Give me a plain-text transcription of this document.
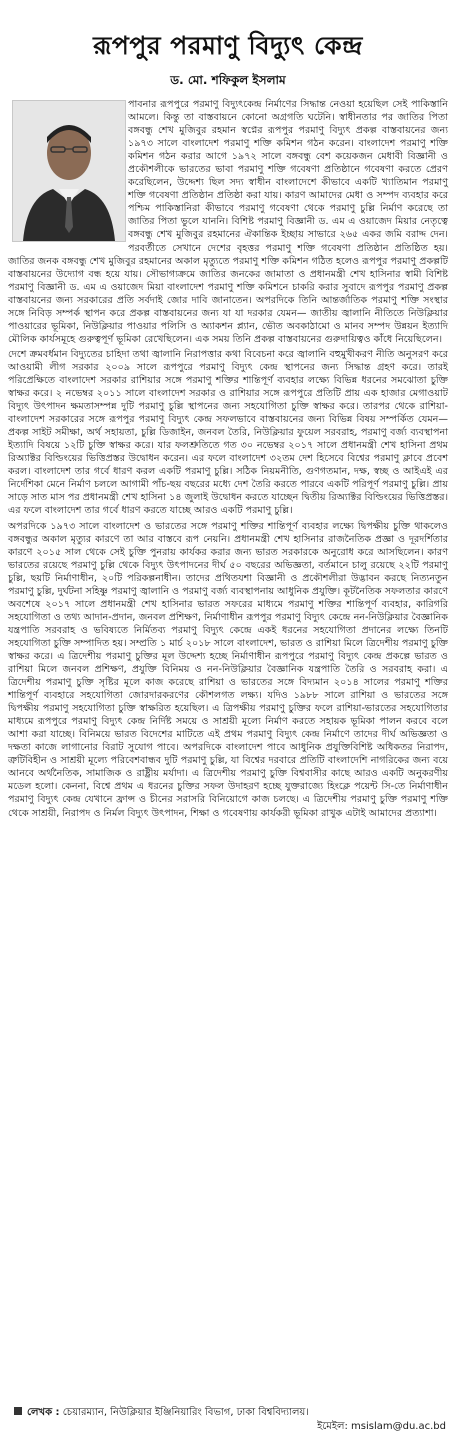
রূপপুর পরমাণু বিদ্যুৎ কেন্দ্র
ড. মো. শফিকুল ইসলাম

পাবনার রূপপুরে পরমাণু বিদ্যুৎকেন্দ্র নির্মাণের সিদ্ধান্ত নেওয়া হয়েছিল সেই পাকিস্তানি আমলে। কিন্তু তা বাস্তবায়নে কোনো অগ্রগতি ঘটেনি। স্বাধীনতার পর জাতির পিতা বঙ্গবন্ধু শেখ মুজিবুর রহমান স্বপ্নের রূপপুর পরমাণু বিদ্যুৎ প্রকল্প বাস্তবায়নের জন্য ১৯৭৩ সালে বাংলাদেশ পরমাণু শক্তি কমিশন গঠন করেন। বাংলাদেশ পরমাণু শক্তি কমিশন গঠন করার আগে ১৯৭২ সালে বঙ্গবন্ধু বেশ কয়েকজন মেধাবী বিজ্ঞানী ও প্রকৌশলীকে ভারতের ভাবা পরমাণু শক্তি গবেষণা প্রতিষ্ঠানে গবেষণা করতে প্রেরণ করেছিলেন, উদ্দেশ্য ছিল সদ্য স্বাধীন বাংলাদেশে কীভাবে একটি খ্যাতিমান পরমাণু শক্তি গবেষণা প্রতিষ্ঠান প্রতিষ্ঠা করা যায়। কারণ আমাদের মেধা ও সম্পদ ব্যবহার করে পশ্চিম পাকিস্তানিরা কীভাবে পরমাণু গবেষণা থেকে পরমাণু চুল্লি নির্মাণ করেছে তা জাতির পিতা ভুলে যাননি। বিশিষ্ট পরমাণু বিজ্ঞানী ড. এম এ ওয়াজেদ মিয়ার নেতৃত্বে বঙ্গবন্ধু শেখ মুজিবুর রহমানের ঐকান্তিক ইচ্ছায় সাভারে ২৬৫ একর জমি বরাদ্দ দেন। পরবর্তীতে সেখানে দেশের বৃহত্তর পরমাণু শক্তি গবেষণা প্রতিষ্ঠান প্রতিষ্ঠিত হয়। জাতির জনক বঙ্গবন্ধু শেখ মুজিবুর রহমানের অকাল মৃত্যুতে পরমাণু শক্তি কমিশন গঠিত হলেও রূপপুর পরমাণু প্রকল্পটি বাস্তবায়নের উদ্যোগ বন্ধ হয়ে যায়। সৌভাগ্যক্রমে জাতির জনকের জামাতা ও প্রধানমন্ত্রী শেখ হাসিনার স্বামী বিশিষ্ট পরমাণু বিজ্ঞানী ড. এম এ ওয়াজেদ মিয়া বাংলাদেশ পরমাণু শক্তি কমিশনে চাকরি করার সুবাদে রূপপুর পরমাণু প্রকল্প বাস্তবায়নের জন্য সরকারের প্রতি সর্বদাই জোর দাবি জানাতেন। অপরদিকে তিনি আন্তর্জাতিক পরমাণু শক্তি সংস্থার সঙ্গে নিবিড় সম্পর্ক স্থাপন করে প্রকল্প বাস্তবায়নের জন্য যা যা দরকার যেমন— জাতীয় জ্বালানি নীতিতে নিউক্লিয়ার পাওয়ারের ভূমিকা, নিউক্লিয়ার পাওয়ার পলিসি ও অ্যাকশন প্ল্যান, ভৌত অবকাঠামো ও মানব সম্পদ উন্নয়ন ইত্যাদি মৌলিক কার্যসমূহে গুরুত্বপূর্ণ ভূমিকা রেখেছিলেন। এক সময় তিনি প্রকল্প বাস্তবায়নের গুরুদায়িত্বও কাঁধে নিয়েছিলেন।

দেশে ক্রমবর্ধমান বিদ্যুতের চাহিদা তথা জ্বালানি নিরাপত্তার কথা বিবেচনা করে জ্বালানি বহুমুখীকরণ নীতি অনুসরণ করে আওয়ামী লীগ সরকার ২০০৯ সালে রূপপুরে পরমাণু বিদ্যুৎ কেন্দ্র স্থাপনের জন্য সিদ্ধান্ত গ্রহণ করে। তারই পরিপ্রেক্ষিতে বাংলাদেশ সরকার রাশিয়ার সঙ্গে পরমাণু শক্তির শান্তিপূর্ণ ব্যবহার লক্ষ্যে বিভিন্ন ধরনের সমঝোতা চুক্তি স্বাক্ষর করে। ২ নভেম্বর ২০১১ সালে বাংলাদেশ সরকার ও রাশিয়ার সঙ্গে রূপপুরে প্রতিটি প্রায় এক হাজার মেগাওয়াট বিদ্যুৎ উৎপাদন ক্ষমতাসম্পন্ন দুটি পরমাণু চুল্লি স্থাপনের জন্য সহযোগিতা চুক্তি স্বাক্ষর করে। তারপর থেকে রাশিয়া-বাংলাদেশ সরকারের সঙ্গে রূপপুর পরমাণু বিদ্যুৎ কেন্দ্র সফলভাবে বাস্তবায়নের জন্য বিভিন্ন বিষয় সম্পর্কিত যেমন— প্রকল্প সাইট সমীক্ষা, অর্থ সহায়তা, চুল্লি ডিজাইন, জনবল তৈরি, নিউক্লিয়ার ফুয়েল সরবরাহ, পরমাণু বর্জ্য ব্যবস্থাপনা ইত্যাদি বিষয়ে ১২টি চুক্তি স্বাক্ষর করে। যার ফলশ্রুতিতে গত ৩০ নভেম্বর ২০১৭ সালে প্রধানমন্ত্রী শেখ হাসিনা প্রথম রিঅ্যাক্টর বিল্ডিংয়ের ভিত্তিপ্রস্তর উদ্বোধন করেন। এর ফলে বাংলাদেশ ৩২তম দেশ হিসেবে বিশ্বের পরমাণু ক্লাবে প্রবেশ করল। বাংলাদেশ তার গর্বে ধারণ করল একটি পরমাণু চুল্লি। সঠিক নিয়মনীতি, গুণগতমান, দক্ষ, স্বচ্ছ ও আইএই এর নির্দেশিকা মেনে নির্মাণ চললে আগামী পাঁচ-ছয় বছরের মধ্যে দেশ তৈরি করতে পারবে একটি পরিপূর্ণ পরমাণু চুল্লি। প্রায় সাড়ে সাত মাস পর প্রধানমন্ত্রী শেখ হাসিনা ১৪ জুলাই উদ্বোধন করতে যাচ্ছেন দ্বিতীয় রিঅ্যাক্টর বিল্ডিংয়ের ভিত্তিপ্রস্তর। এর ফলে বাংলাদেশ তার গর্বে ধারণ করতে যাচ্ছে আরও একটি পরমাণু চুল্লি।

অপরদিকে ১৯৭৩ সালে বাংলাদেশ ও ভারতের সঙ্গে পরমাণু শক্তির শান্তিপূর্ণ ব্যবহার লক্ষ্যে দ্বিপক্ষীয় চুক্তি থাকলেও বঙ্গবন্ধুর অকাল মৃত্যুর কারণে তা আর বাস্তবে রূপ নেয়নি। প্রধানমন্ত্রী শেখ হাসিনার রাজনৈতিক প্রজ্ঞা ও দূরদর্শিতার কারণে ২০১৫ সাল থেকে সেই চুক্তি পুনরায় কার্যকর করার জন্য ভারত সরকারকে অনুরোধ করে আসছিলেন। কারণ ভারতের রয়েছে পরমাণু চুল্লি থেকে বিদ্যুৎ উৎপাদনের দীর্ঘ ৫০ বছরের অভিজ্ঞতা, বর্তমানে চালু রয়েছে ২২টি পরমাণু চুল্লি, ছয়টি নির্মাণাধীন, ২০টি পরিকল্পনাধীন। তাদের প্রথিতযশা বিজ্ঞানী ও প্রকৌশলীরা উদ্ভাবন করছে নিত্যনতুন পরমাণু চুল্লি, দুর্ঘটনা সহিষ্ণু পরমাণু জ্বালানি ও পরমাণু বর্জ্য ব্যবস্থাপনায় আধুনিক প্রযুক্তি। কূটনৈতিক সফলতার কারণে অবশেষে ২০১৭ সালে প্রধানমন্ত্রী শেখ হাসিনার ভারত সফরের মাধ্যমে পরমাণু শক্তির শান্তিপূর্ণ ব্যবহার, কারিগরি সহযোগিতা ও তথ্য আদান-প্রদান, জনবল প্রশিক্ষণ, নির্মাণাধীন রূপপুর পরমাণু বিদ্যুৎ কেন্দ্রে নন-নিউক্লিয়ার বৈজ্ঞানিক যন্ত্রপাতি সরবরাহ ও ভবিষ্যতে নির্মিতব্য পরমাণু বিদ্যুৎ কেন্দ্রে একই ধরনের সহযোগিতা প্রদানের লক্ষ্যে তিনটি সহযোগিতা চুক্তি সম্পাদিত হয়। সম্প্রতি ১ মার্চ ২০১৮ সালে বাংলাদেশ, ভারত ও রাশিয়া মিলে ত্রিদেশীয় পরমাণু চুক্তি স্বাক্ষর করে। এ ত্রিদেশীয় পরমাণু চুক্তির মূল উদ্দেশ্য হচ্ছে নির্মাণাধীন রূপপুরে পরমাণু বিদ্যুৎ কেন্দ্র প্রকল্পে ভারত ও রাশিয়া মিলে জনবল প্রশিক্ষণ, প্রযুক্তি বিনিময় ও নন-নিউক্লিয়ার বৈজ্ঞানিক যন্ত্রপাতি তৈরি ও সরবরাহ করা। এ ত্রিদেশীয় পরমাণু চুক্তি সৃষ্টির মূলে কাজ করেছে রাশিয়া ও ভারতের সঙ্গে বিদ্যমান ২০১৪ সালের পরমাণু শক্তির শান্তিপূর্ণ ব্যবহারে সহযোগিতা জোরদারকরণের কৌশলগত লক্ষ্য। যদিও ১৯৮৮ সালে রাশিয়া ও ভারতের সঙ্গে দ্বিপক্ষীয় পরমাণু সহযোগিতা চুক্তি স্বাক্ষরিত হয়েছিল। এ ত্রিপক্ষীয় পরমাণু চুক্তির ফলে রাশিয়া-ভারতের সহযোগিতার মাধ্যমে রূপপুরে পরমাণু বিদ্যুৎ কেন্দ্র নির্দিষ্ট সময়ে ও সাশ্রয়ী মূল্যে নির্মাণ করতে সহায়ক ভূমিকা পালন করবে বলে আশা করা যাচ্ছে। বিনিময়ে ভারত বিদেশের মাটিতে এই প্রথম পরমাণু বিদ্যুৎ কেন্দ্র নির্মাণে তাদের দীর্ঘ অভিজ্ঞতা ও দক্ষতা কাজে লাগানোর বিরাট সুযোগ পাবে। অপরদিকে বাংলাদেশ পাবে আধুনিক প্রযুক্তিবিশিষ্ট অধিকতর নিরাপদ, ত্রুটিবিহীন ও সাশ্রয়ী মূল্যে পরিবেশবান্ধব দুটি পরমাণু চুল্লি, যা বিশ্বের দরবারে প্রতিটি বাংলাদেশি নাগরিকের জন্য বয়ে আনবে অর্থনৈতিক, সামাজিক ও রাষ্ট্রীয় মর্যাদা। এ ত্রিদেশীয় পরমাণু চুক্তি বিশ্ববাসীর কাছে আরও একটি অনুকরণীয় মডেল হলো। কেননা, বিশ্বে প্রথম এ ধরনের চুক্তির সফল উদাহরণ হচ্ছে যুক্তরাজ্যে হিংক্লে পয়েন্ট সি-তে নির্মাণাধীন পরমাণু বিদ্যুৎ কেন্দ্র যেখানে ফ্রান্স ও চীনের সরাসরি বিনিয়োগে কাজ চলছে। এ ত্রিদেশীয় পরমাণু চুক্তি পরমাণু শক্তি থেকে সাশ্রয়ী, নিরাপদ ও নির্মল বিদ্যুৎ উৎপাদন, শিক্ষা ও গবেষণায় কার্যকরী ভূমিকা রাখুক এটাই আমাদের প্রত্যাশা।

লেখক : চেয়ারম্যান, নিউক্লিয়ার ইঞ্জিনিয়ারিং বিভাগ, ঢাকা বিশ্ববিদ্যালয়।
ইমেইল: msislam@du.ac.bd
